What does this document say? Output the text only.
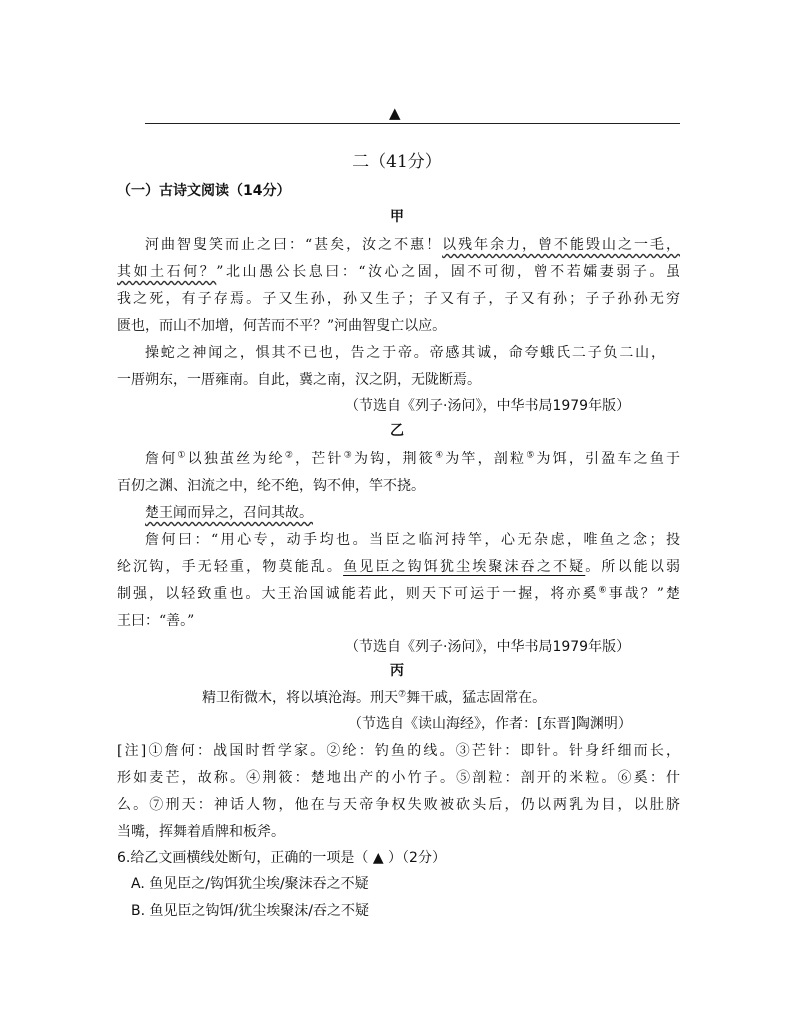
▲
二（41分）
（一）古诗文阅读（14分）
甲
河曲智叟笑而止之曰：“甚矣，汝之不惠！以残年余力，曾不能毁山之一毛，
其如土石何？”北山愚公长息曰：“汝心之固，固不可彻，曾不若孀妻弱子。虽
我之死，有子存焉。子又生孙，孙又生子；子又有子，子又有孙；子子孙孙无穷
匮也，而山不加增，何苦而不平？”河曲智叟亡以应。
操蛇之神闻之，惧其不已也，告之于帝。帝感其诚，命夸蛾氏二子负二山，
一厝朔东，一厝雍南。自此，冀之南，汉之阴，无陇断焉。
（节选自《列子·汤问》，中华书局1979年版）
乙
詹何①以独茧丝为纶②，芒针③为钩，荆筱④为竿，剖粒⑤为饵，引盈车之鱼于
百仞之渊、汩流之中，纶不绝，钩不伸，竿不挠。
楚王闻而异之，召问其故。
詹何曰：“用心专，动手均也。当臣之临河持竿，心无杂虑，唯鱼之念；投
纶沉钩，手无轻重，物莫能乱。鱼见臣之钩饵犹尘埃聚沫吞之不疑。所以能以弱
制强，以轻致重也。大王治国诚能若此，则天下可运于一握，将亦奚⑥事哉？”楚
王曰：“善。”
（节选自《列子·汤问》，中华书局1979年版）
丙
精卫衔微木，将以填沧海。刑天⑦舞干戚，猛志固常在。
（节选自《读山海经》，作者：[东晋]陶渊明）
[注]①詹何：战国时哲学家。②纶：钓鱼的线。③芒针：即针。针身纤细而长，
形如麦芒，故称。④荆筱：楚地出产的小竹子。⑤剖粒：剖开的米粒。⑥奚：什
么。⑦刑天：神话人物，他在与天帝争权失败被砍头后，仍以两乳为目，以肚脐
当嘴，挥舞着盾牌和板斧。
6.给乙文画横线处断句，正确的一项是（ ▲ ）（2分）
A. 鱼见臣之/钩饵犹尘埃/聚沫吞之不疑
B. 鱼见臣之钩饵/犹尘埃聚沫/吞之不疑
